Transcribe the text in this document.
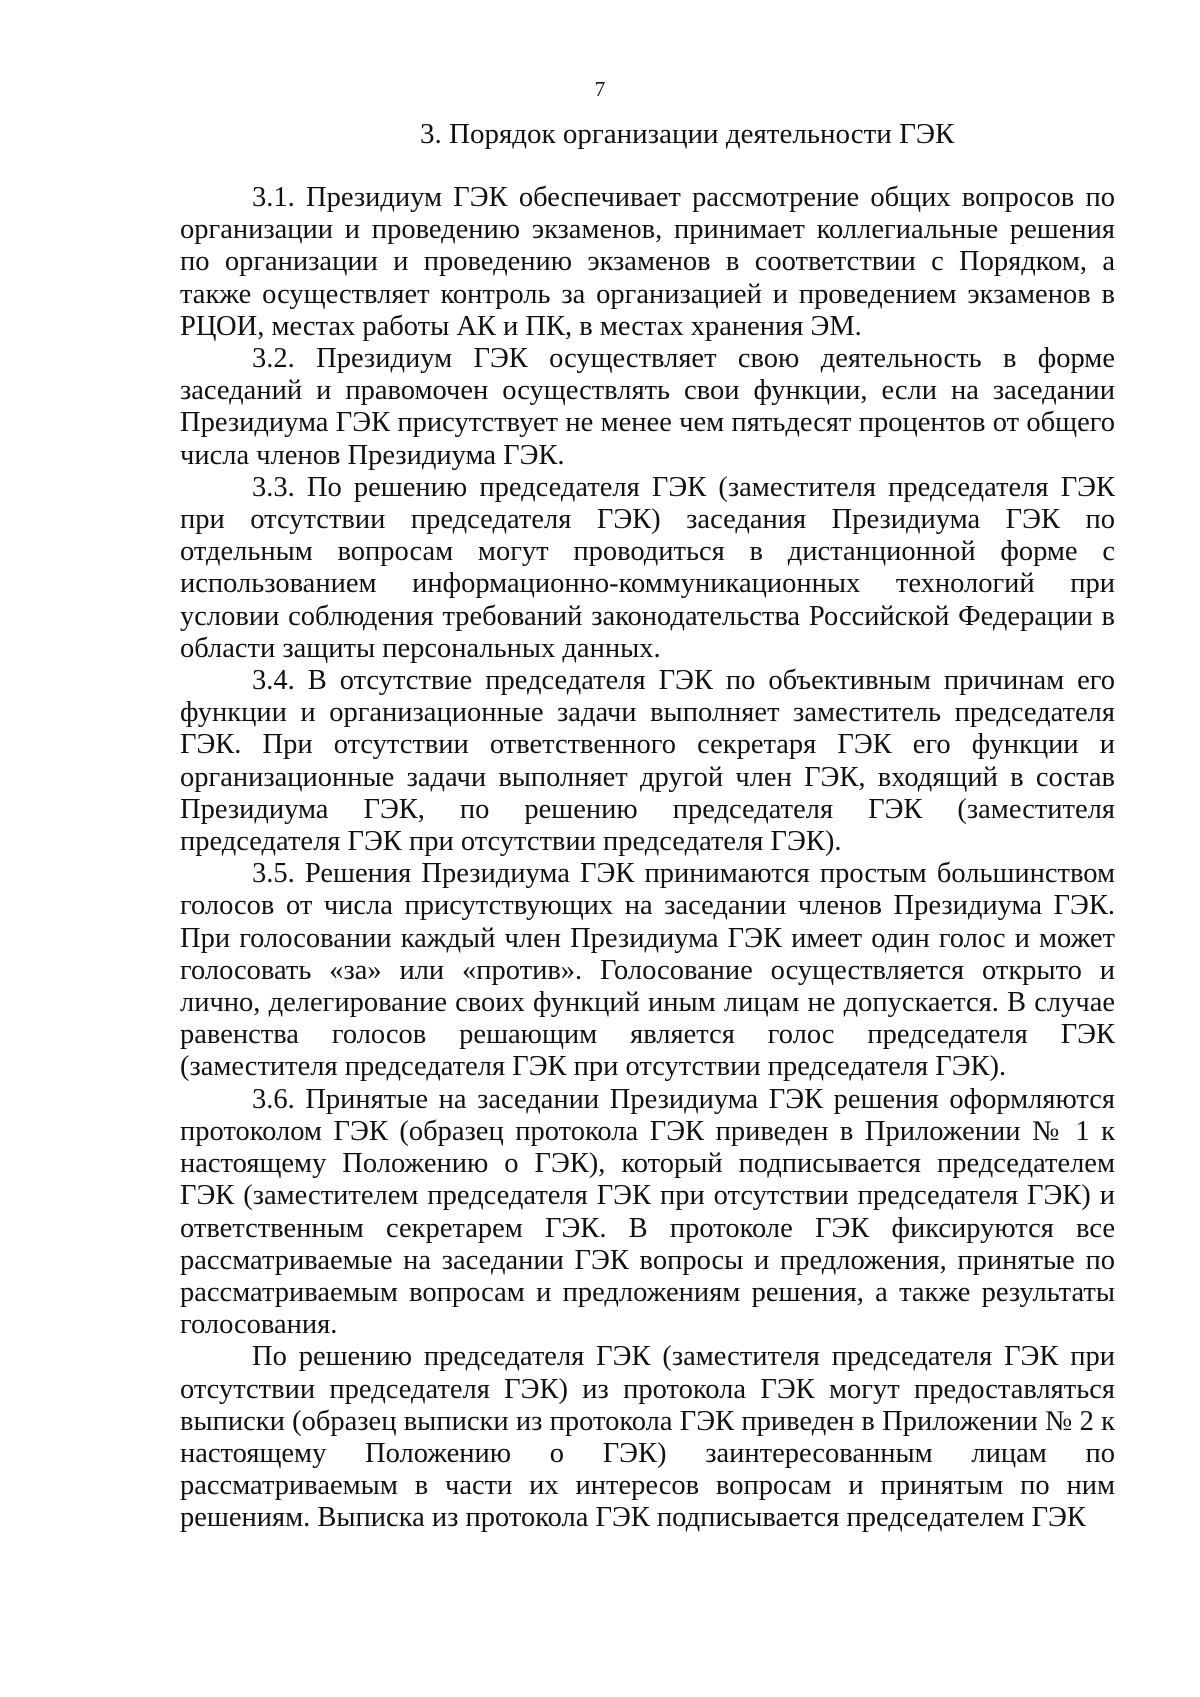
7
3. Порядок организации деятельности ГЭК

3.1. Президиум ГЭК обеспечивает рассмотрение общих вопросов по организации и проведению экзаменов, принимает коллегиальные решения по организации и проведению экзаменов в соответствии с Порядком, а также осуществляет контроль за организацией и проведением экзаменов в РЦОИ, местах работы АК и ПК, в местах хранения ЭМ.

3.2. Президиум ГЭК осуществляет свою деятельность в форме заседаний и правомочен осуществлять свои функции, если на заседании Президиума ГЭК присутствует не менее чем пятьдесят процентов от общего числа членов Президиума ГЭК.

3.3. По решению председателя ГЭК (заместителя председателя ГЭК при отсутствии председателя ГЭК) заседания Президиума ГЭК по отдельным вопросам могут проводиться в дистанционной форме с использованием информационно-коммуникационных технологий при условии соблюдения требований законодательства Российской Федерации в области защиты персональных данных.

3.4. В отсутствие председателя ГЭК по объективным причинам его функции и организационные задачи выполняет заместитель председателя ГЭК. При отсутствии ответственного секретаря ГЭК его функции и организационные задачи выполняет другой член ГЭК, входящий в состав Президиума ГЭК, по решению председателя ГЭК (заместителя председателя ГЭК при отсутствии председателя ГЭК).

3.5. Решения Президиума ГЭК принимаются простым большинством голосов от числа присутствующих на заседании членов Президиума ГЭК. При голосовании каждый член Президиума ГЭК имеет один голос и может голосовать «за» или «против». Голосование осуществляется открыто и лично, делегирование своих функций иным лицам не допускается. В случае равенства голосов решающим является голос председателя ГЭК (заместителя председателя ГЭК при отсутствии председателя ГЭК).

3.6. Принятые на заседании Президиума ГЭК решения оформляются протоколом ГЭК (образец протокола ГЭК приведен в Приложении № 1 к настоящему Положению о ГЭК), который подписывается председателем ГЭК (заместителем председателя ГЭК при отсутствии председателя ГЭК) и ответственным секретарем ГЭК. В протоколе ГЭК фиксируются все рассматриваемые на заседании ГЭК вопросы и предложения, принятые по рассматриваемым вопросам и предложениям решения, а также результаты голосования.

По решению председателя ГЭК (заместителя председателя ГЭК при отсутствии председателя ГЭК) из протокола ГЭК могут предоставляться выписки (образец выписки из протокола ГЭК приведен в Приложении № 2 к настоящему Положению о ГЭК) заинтересованным лицам по рассматриваемым в части их интересов вопросам и принятым по ним решениям. Выписка из протокола ГЭК подписывается председателем ГЭК
